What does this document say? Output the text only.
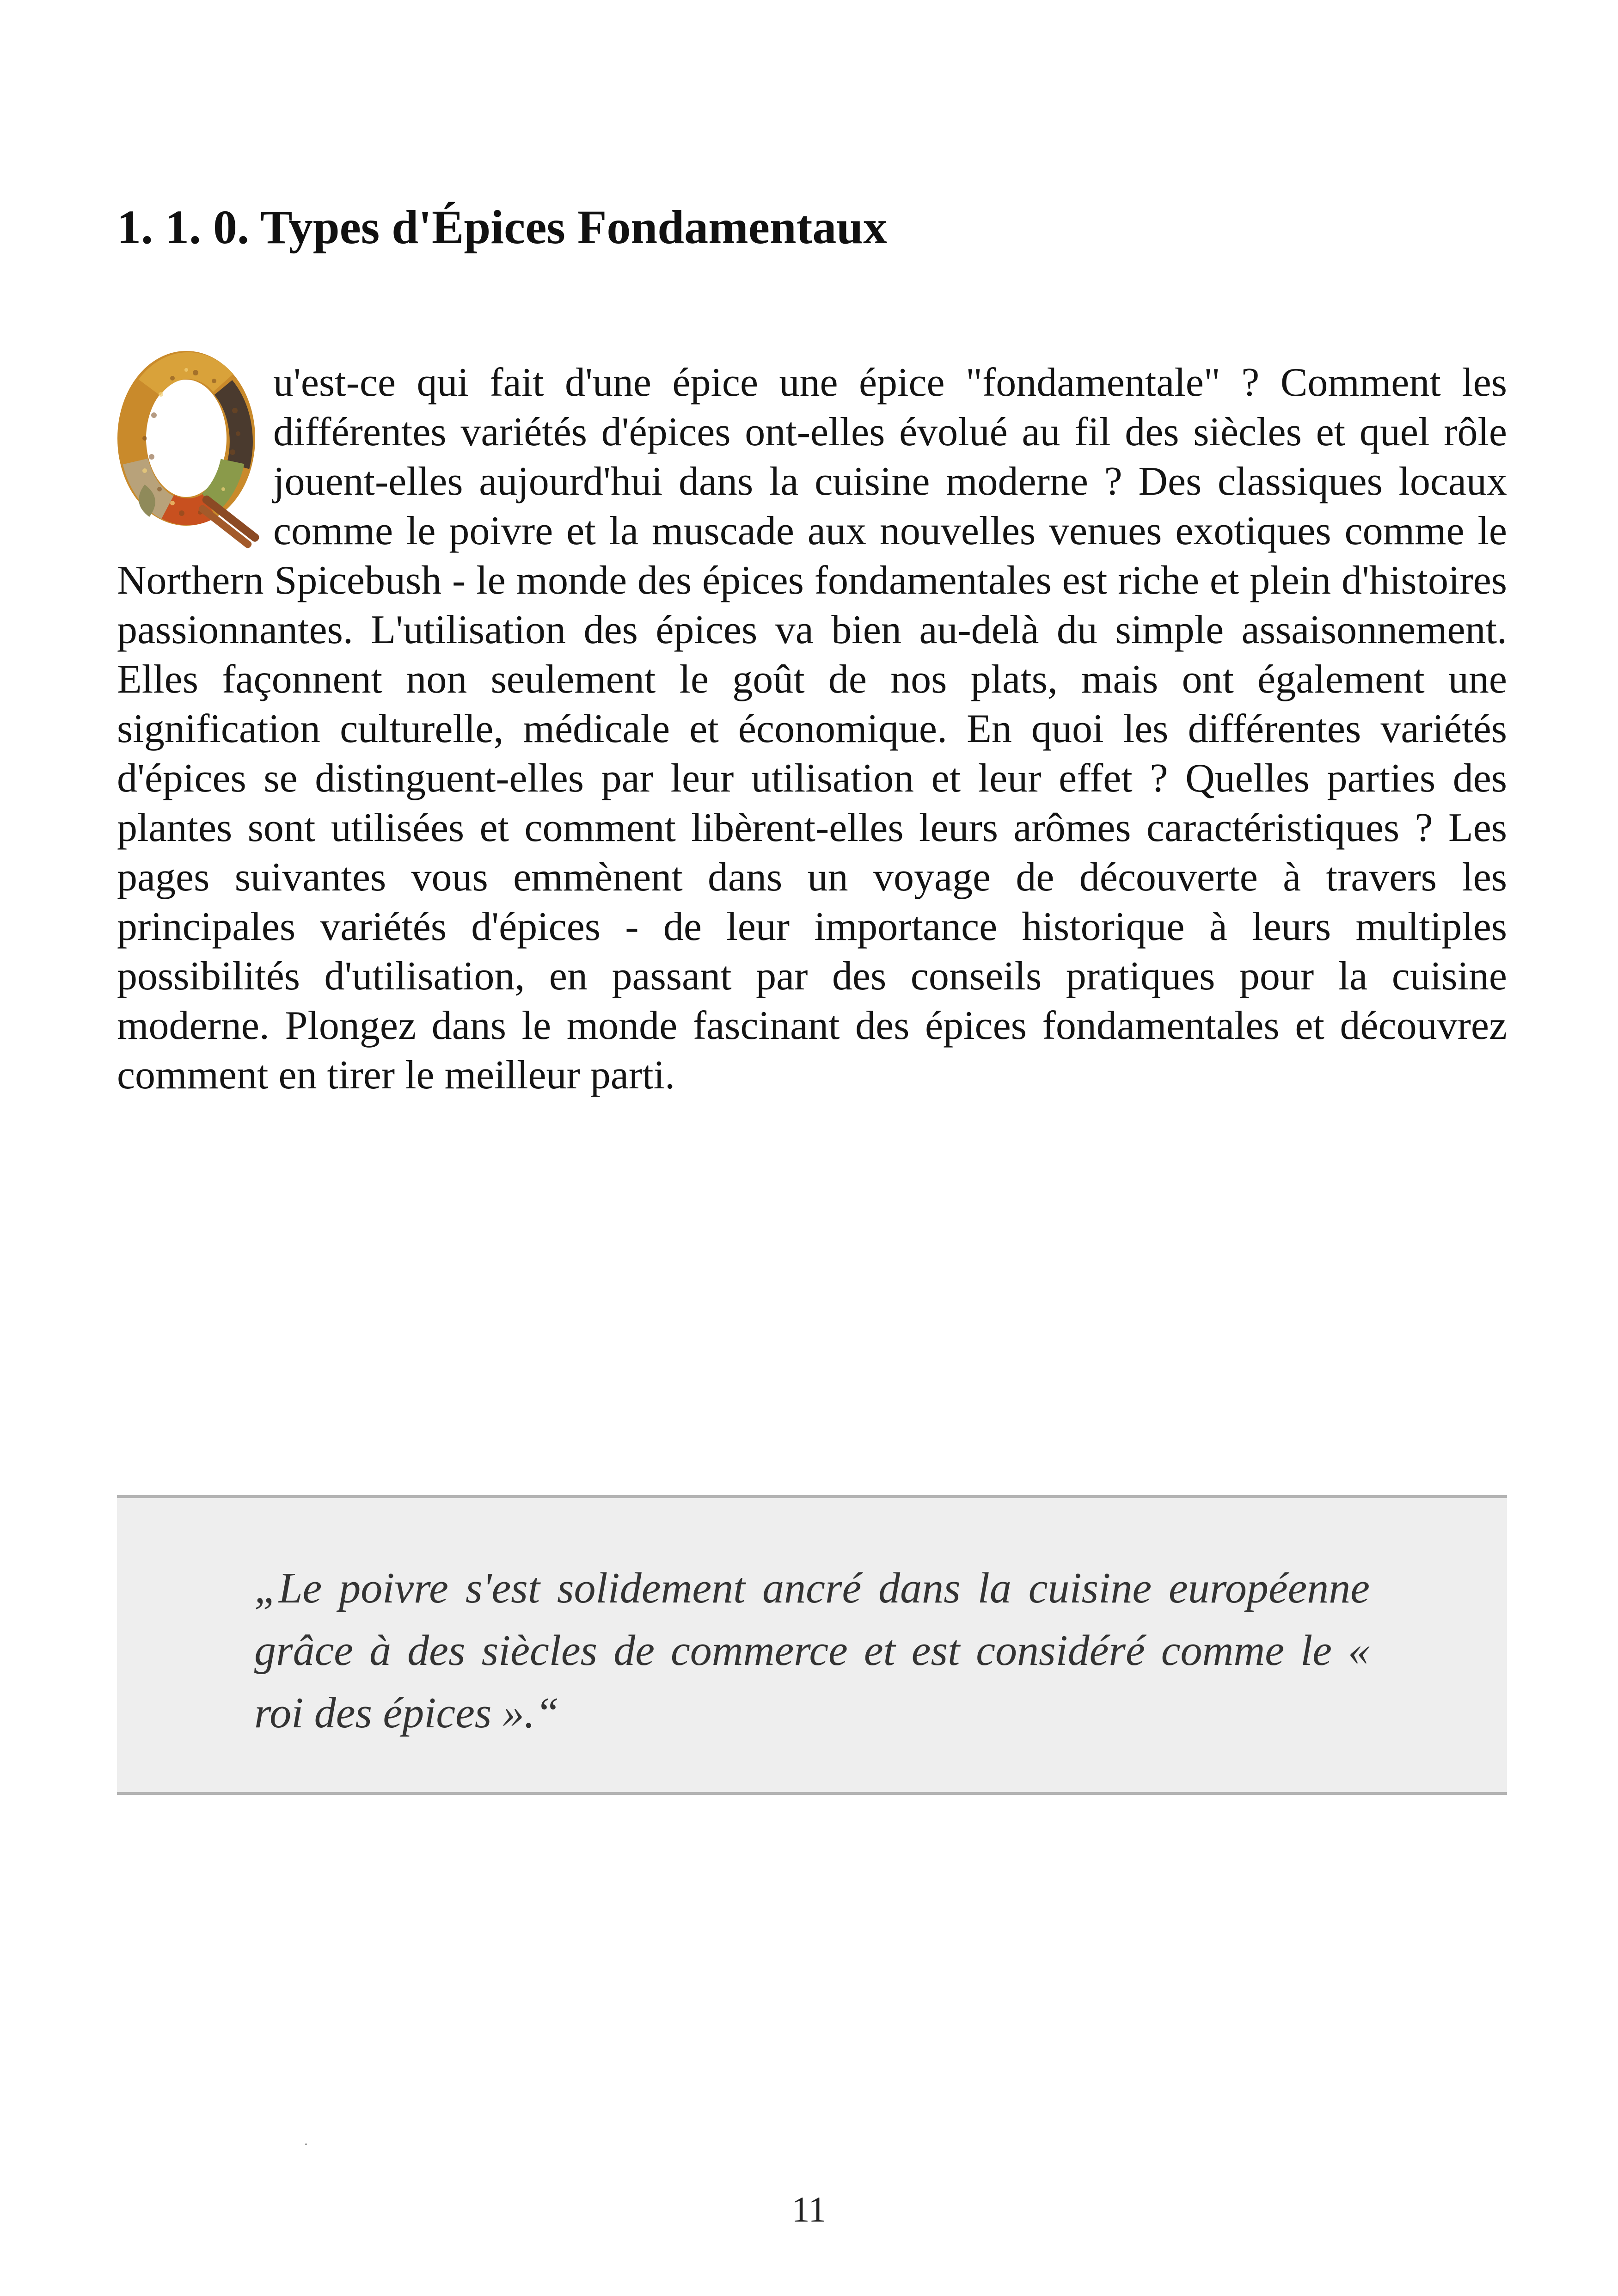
1. 1. 0. Types d'Épices Fondamentaux

u'est-ce qui fait d'une épice une épice "fondamentale" ? Comment les différentes variétés d'épices ont-elles évolué au fil des siècles et quel rôle jouent-elles aujourd'hui dans la cuisine moderne ? Des classiques locaux comme le poivre et la muscade aux nouvelles venues exotiques comme le Northern Spicebush - le monde des épices fondamentales est riche et plein d'histoires passionnantes. L'utilisation des épices va bien au-delà du simple assaisonnement. Elles façonnent non seulement le goût de nos plats, mais ont également une signification culturelle, médicale et économique. En quoi les différentes variétés d'épices se distinguent-elles par leur utilisation et leur effet ? Quelles parties des plantes sont utilisées et comment libèrent-elles leurs arômes caractéristiques ? Les pages suivantes vous emmènent dans un voyage de découverte à travers les principales variétés d'épices - de leur importance historique à leurs multiples possibilités d'utilisation, en passant par des conseils pratiques pour la cuisine moderne. Plongez dans le monde fascinant des épices fondamentales et découvrez comment en tirer le meilleur parti.

„Le poivre s'est solidement ancré dans la cuisine européenne grâce à des siècles de commerce et est considéré comme le « roi des épices ».“

11
